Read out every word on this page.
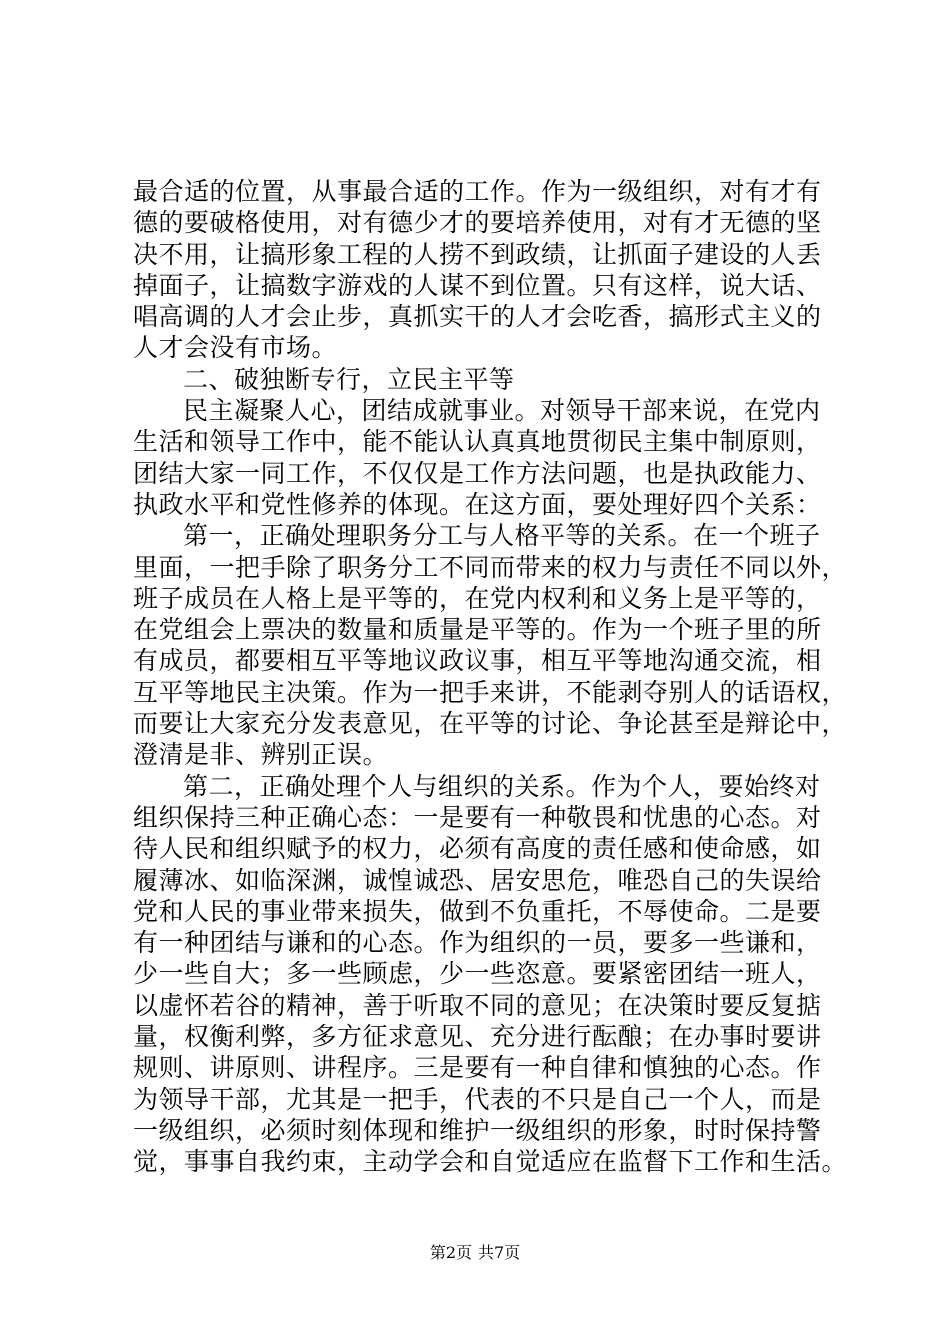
最合适的位置，从事最合适的工作。作为一级组织，对有才有
德的要破格使用，对有德少才的要培养使用，对有才无德的坚
决不用，让搞形象工程的人捞不到政绩，让抓面子建设的人丢
掉面子，让搞数字游戏的人谋不到位置。只有这样，说大话、
唱高调的人才会止步，真抓实干的人才会吃香，搞形式主义的
人才会没有市场。
二、破独断专行，立民主平等
民主凝聚人心，团结成就事业。对领导干部来说，在党内
生活和领导工作中，能不能认认真真地贯彻民主集中制原则，
团结大家一同工作，不仅仅是工作方法问题，也是执政能力、
执政水平和党性修养的体现。在这方面，要处理好四个关系：
第一，正确处理职务分工与人格平等的关系。在一个班子
里面，一把手除了职务分工不同而带来的权力与责任不同以外，
班子成员在人格上是平等的，在党内权利和义务上是平等的，
在党组会上票决的数量和质量是平等的。作为一个班子里的所
有成员，都要相互平等地议政议事，相互平等地沟通交流，相
互平等地民主决策。作为一把手来讲，不能剥夺别人的话语权，
而要让大家充分发表意见，在平等的讨论、争论甚至是辩论中，
澄清是非、辨别正误。
第二，正确处理个人与组织的关系。作为个人，要始终对
组织保持三种正确心态：一是要有一种敬畏和忧患的心态。对
待人民和组织赋予的权力，必须有高度的责任感和使命感，如
履薄冰、如临深渊，诚惶诚恐、居安思危，唯恐自己的失误给
党和人民的事业带来损失，做到不负重托，不辱使命。二是要
有一种团结与谦和的心态。作为组织的一员，要多一些谦和，
少一些自大；多一些顾虑，少一些恣意。要紧密团结一班人，
以虚怀若谷的精神，善于听取不同的意见；在决策时要反复掂
量，权衡利弊，多方征求意见、充分进行酝酿；在办事时要讲
规则、讲原则、讲程序。三是要有一种自律和慎独的心态。作
为领导干部，尤其是一把手，代表的不只是自己一个人，而是
一级组织，必须时刻体现和维护一级组织的形象，时时保持警
觉，事事自我约束，主动学会和自觉适应在监督下工作和生活。
第2页 共7页
